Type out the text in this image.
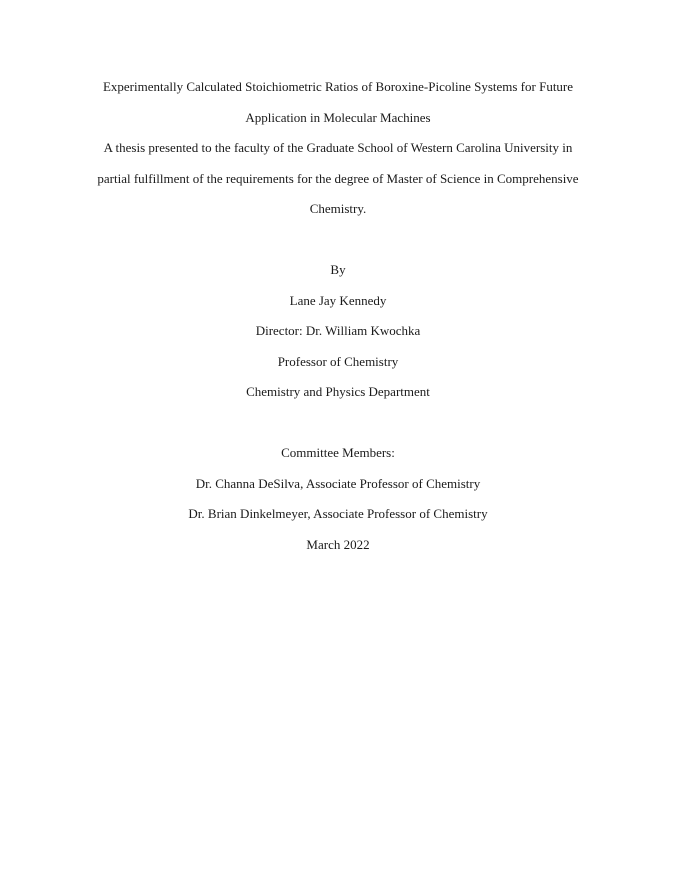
Experimentally Calculated Stoichiometric Ratios of Boroxine-Picoline Systems for Future
Application in Molecular Machines
A thesis presented to the faculty of the Graduate School of Western Carolina University in
partial fulfillment of the requirements for the degree of Master of Science in Comprehensive
Chemistry.
By
Lane Jay Kennedy
Director: Dr. William Kwochka
Professor of Chemistry
Chemistry and Physics Department
Committee Members:
Dr. Channa DeSilva, Associate Professor of Chemistry
Dr. Brian Dinkelmeyer, Associate Professor of Chemistry
March 2022
